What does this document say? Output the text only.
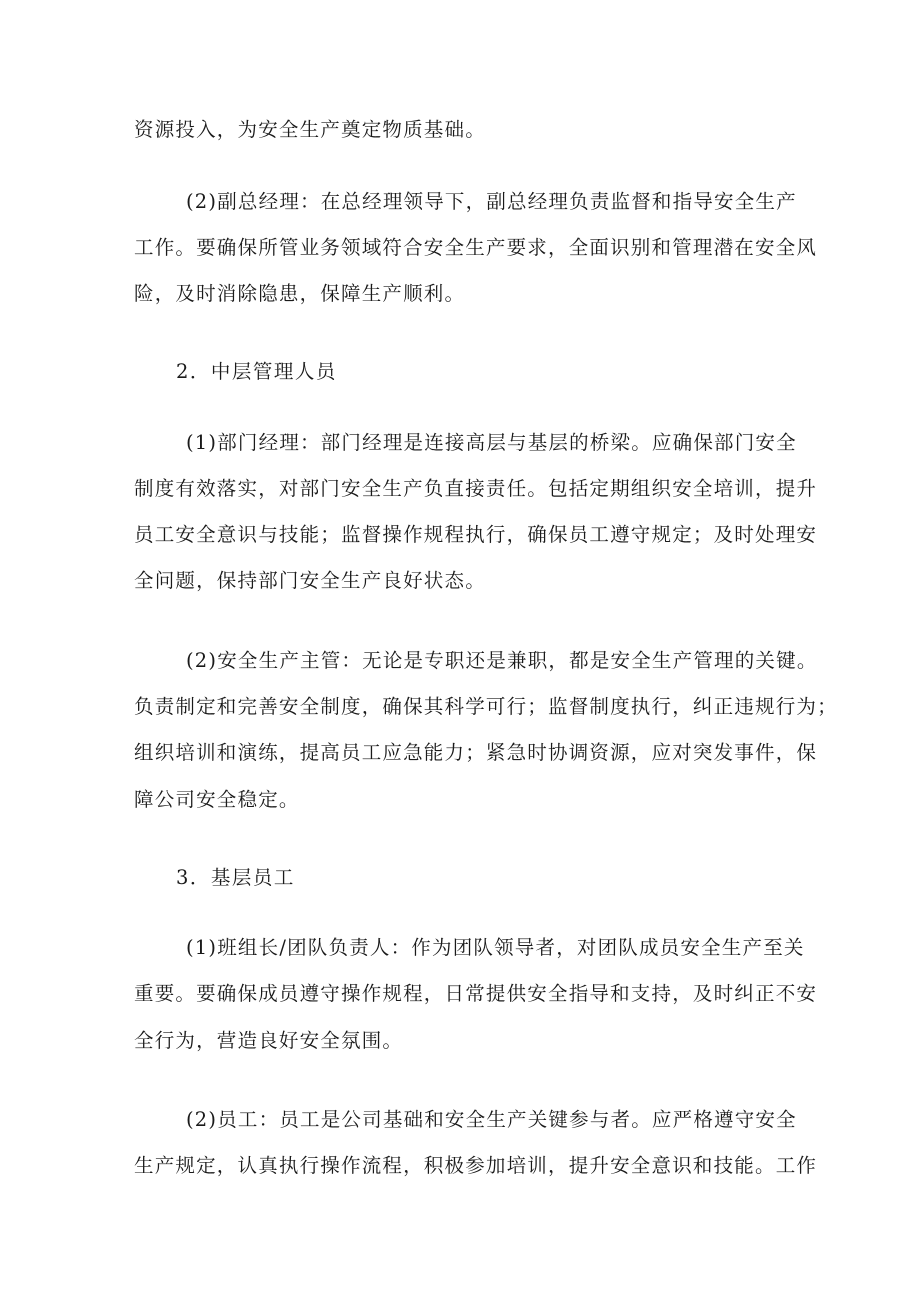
资源投入，为安全生产奠定物质基础。
(2)副总经理：在总经理领导下，副总经理负责监督和指导安全生产
工作。要确保所管业务领域符合安全生产要求，全面识别和管理潜在安全风
险，及时消除隐患，保障生产顺利。
2．中层管理人员
(1)部门经理：部门经理是连接高层与基层的桥梁。应确保部门安全
制度有效落实，对部门安全生产负直接责任。包括定期组织安全培训，提升
员工安全意识与技能；监督操作规程执行，确保员工遵守规定；及时处理安
全问题，保持部门安全生产良好状态。
(2)安全生产主管：无论是专职还是兼职，都是安全生产管理的关键。
负责制定和完善安全制度，确保其科学可行；监督制度执行，纠正违规行为；
组织培训和演练，提高员工应急能力；紧急时协调资源，应对突发事件，保
障公司安全稳定。
3．基层员工
(1)班组长/团队负责人：作为团队领导者，对团队成员安全生产至关
重要。要确保成员遵守操作规程，日常提供安全指导和支持，及时纠正不安
全行为，营造良好安全氛围。
(2)员工：员工是公司基础和安全生产关键参与者。应严格遵守安全
生产规定，认真执行操作流程，积极参加培训，提升安全意识和技能。工作
